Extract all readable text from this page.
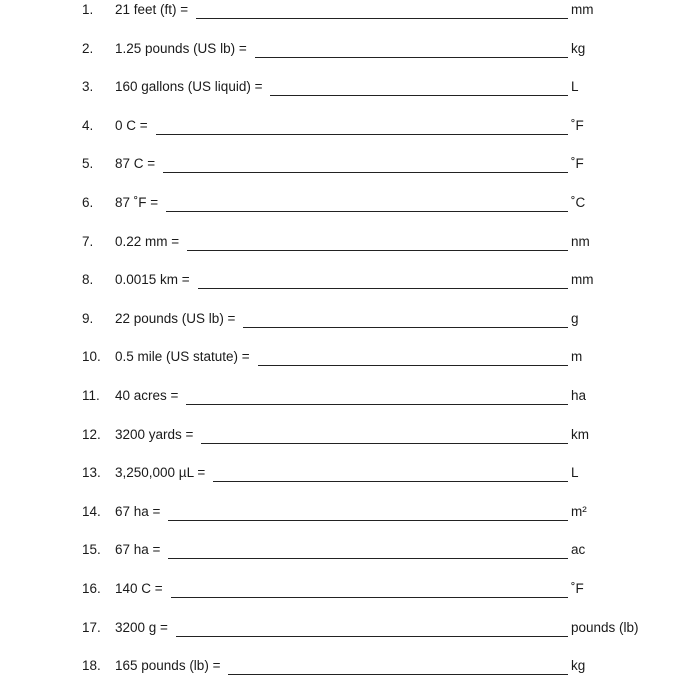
1. 21 feet (ft) =	mm
2. 1.25 pounds (US lb) =	kg
3. 160 gallons (US liquid) =	L
4. 0 C =	˚F
5. 87 C =	˚F
6. 87 ˚F =	˚C
7. 0.22 mm =	nm
8. 0.0015 km =	mm
9. 22 pounds (US lb) =	g
10. 0.5 mile (US statute) =	m
11. 40 acres =	ha
12. 3200 yards =	km
13. 3,250,000 µL =	L
14. 67 ha =	m²
15. 67 ha =	ac
16. 140 C =	˚F
17. 3200 g =	pounds (lb)
18. 165 pounds (lb) =	kg
